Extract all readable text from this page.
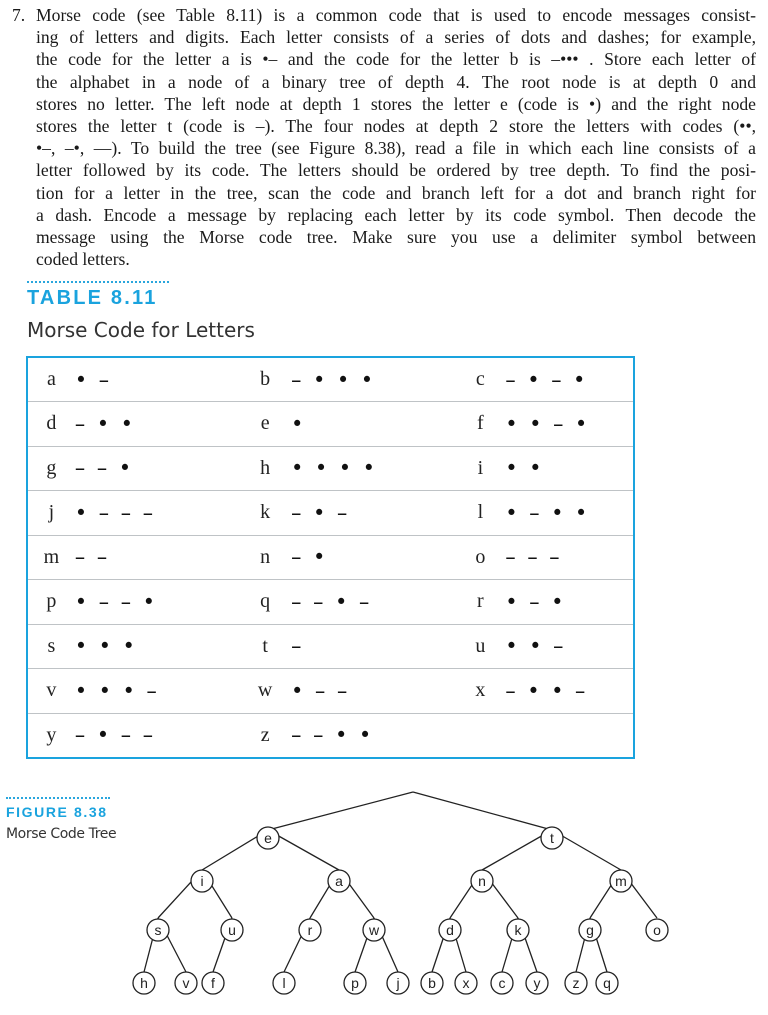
7. Morse code (see Table 8.11) is a common code that is used to encode messages consist-
ing of letters and digits. Each letter consists of a series of dots and dashes; for example,
the code for the letter a is •– and the code for the letter b is –••• . Store each letter of
the alphabet in a node of a binary tree of depth 4. The root node is at depth 0 and
stores no letter. The left node at depth 1 stores the letter e (code is •) and the right node
stores the letter t (code is –). The four nodes at depth 2 store the letters with codes (••,
•–, –•, —). To build the tree (see Figure 8.38), read a file in which each line consists of a
letter followed by its code. The letters should be ordered by tree depth. To find the posi-
tion for a letter in the tree, scan the code and branch left for a dot and branch right for
a dash. Encode a message by replacing each letter by its code symbol. Then decode the
message using the Morse code tree. Make sure you use a delimiter symbol between
coded letters.
TABLE 8.11
Morse Code for Letters
a	• –	b	– • • •	c	– • – •
d	– • •	e	•	f	• • – •
g	– – •	h	• • • •	i	• •
j	• – – –	k	– • –	l	• – • •
m	– –	n	– •	o	– – –
p	• – – •	q	– – • –	r	• – •
s	• • •	t	–	u	• • –
v	• • • –	w	• – –	x	– • • –
y	– • – –	z	– – • •		
FIGURE 8.38
Morse Code Tree	e	t
i	a	n	m
s	u	r	w	d	k	g	o
h v f	l	p	j b x c y z q
